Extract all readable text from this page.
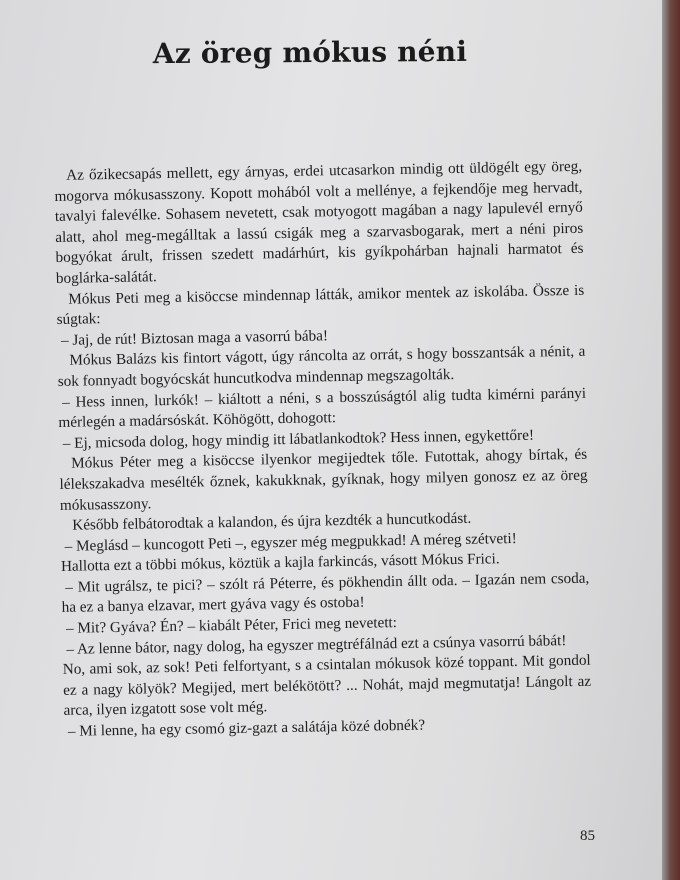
Az öreg mókus néni

Az őzikecsapás mellett, egy árnyas, erdei utcasarkon mindig ott üldögélt egy öreg, mogorva mókusasszony. Kopott mohából volt a mellénye, a fejkendője meg hervadt, tavalyi falevélke. Sohasem nevetett, csak motyogott magában a nagy lapulevél ernyő alatt, ahol meg-megálltak a lassú csigák meg a szarvasbogarak, mert a néni piros bogyókat árult, frissen szedett madárhúrt, kis gyíkpohárban hajnali harmatot és boglárka-salátát.

Mókus Peti meg a kisöccse mindennap látták, amikor mentek az iskolába. Össze is súgtak:

– Jaj, de rút! Biztosan maga a vasorrú bába!

Mókus Balázs kis fintort vágott, úgy ráncolta az orrát, s hogy bosszantsák a nénit, a sok fonnyadt bogyócskát huncutkodva mindennap megszagolták.

– Hess innen, lurkók! – kiáltott a néni, s a bosszúságtól alig tudta kimérni parányi mérlegén a madársóskát. Köhögött, dohogott:

– Ej, micsoda dolog, hogy mindig itt lábatlankodtok? Hess innen, egykettőre!

Mókus Péter meg a kisöccse ilyenkor megijedtek tőle. Futottak, ahogy bírtak, és lélekszakadva mesélték őznek, kakukknak, gyíknak, hogy milyen gonosz ez az öreg mókusasszony.

Később felbátorodtak a kalandon, és újra kezdték a huncutkodást.

– Meglásd – kuncogott Peti –, egyszer még megpukkad! A méreg szétveti!

Hallotta ezt a többi mókus, köztük a kajla farkincás, vásott Mókus Frici.

– Mit ugrálsz, te pici? – szólt rá Péterre, és pökhendin állt oda. – Igazán nem csoda, ha ez a banya elzavar, mert gyáva vagy és ostoba!

– Mit? Gyáva? Én? – kiabált Péter, Frici meg nevetett:

– Az lenne bátor, nagy dolog, ha egyszer megtréfálnád ezt a csúnya vasorrú bábát!

No, ami sok, az sok! Peti felfortyant, s a csintalan mókusok közé toppant. Mit gondol ez a nagy kölyök? Megijed, mert belékötött? ... Nohát, majd megmutatja! Lángolt az arca, ilyen izgatott sose volt még.

– Mi lenne, ha egy csomó giz-gazt a salátája közé dobnék?

85
